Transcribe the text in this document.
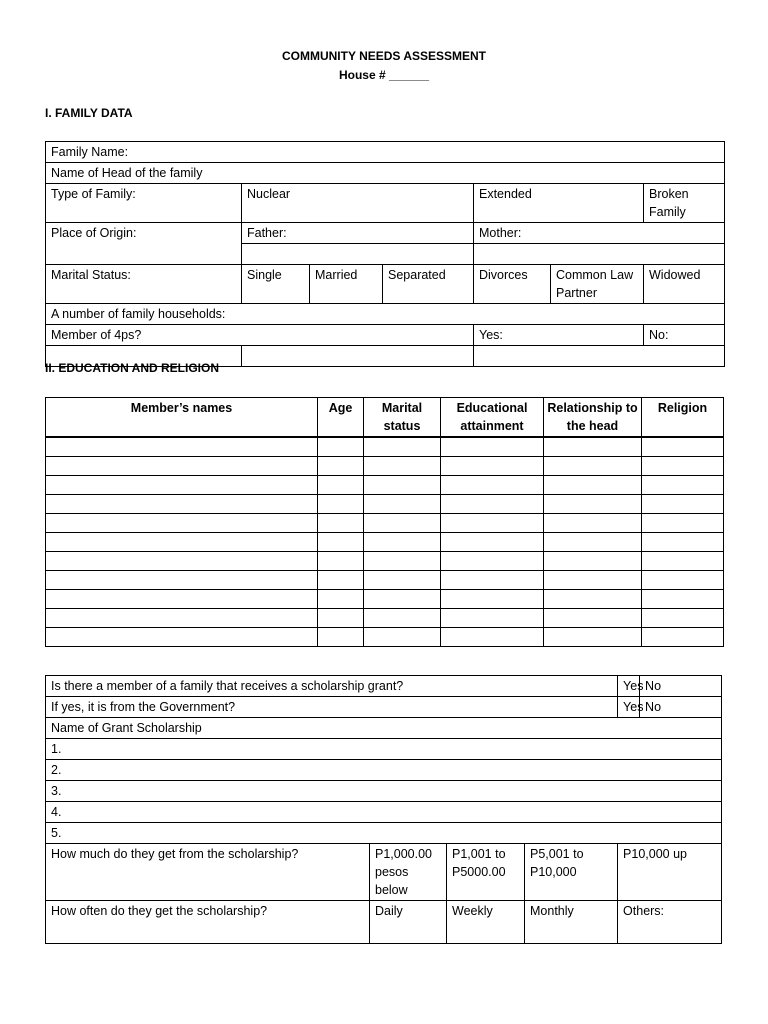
COMMUNITY NEEDS ASSESSMENT
House # ______
I. FAMILY DATA
Family Name:						
Name of Head of the family						
Type of Family:	Nuclear			Extended		Broken Family
Place of Origin:	Father:			Mother:		

Marital Status:	Single	Married	Separated	Divorces	Common Law Partner	Widowed
A number of family households:						
Member of 4ps?				Yes:		No:

II. EDUCATION AND RELIGION
Member’s names	Age	Marital status	Educational attainment	Relationship to the head	Religion

Is there a member of a family that receives a scholarship grant?				Yes	No
If yes, it is from the Government?				Yes	No
Name of Grant Scholarship					
1.					
2.					
3.					
4.					
5.					
How much do they get from the scholarship?	P1,000.00 pesos below	P1,001 to P5000.00	P5,001 to P10,000	P10,000 up	
How often do they get the scholarship?	Daily	Weekly	Monthly	Others:	
